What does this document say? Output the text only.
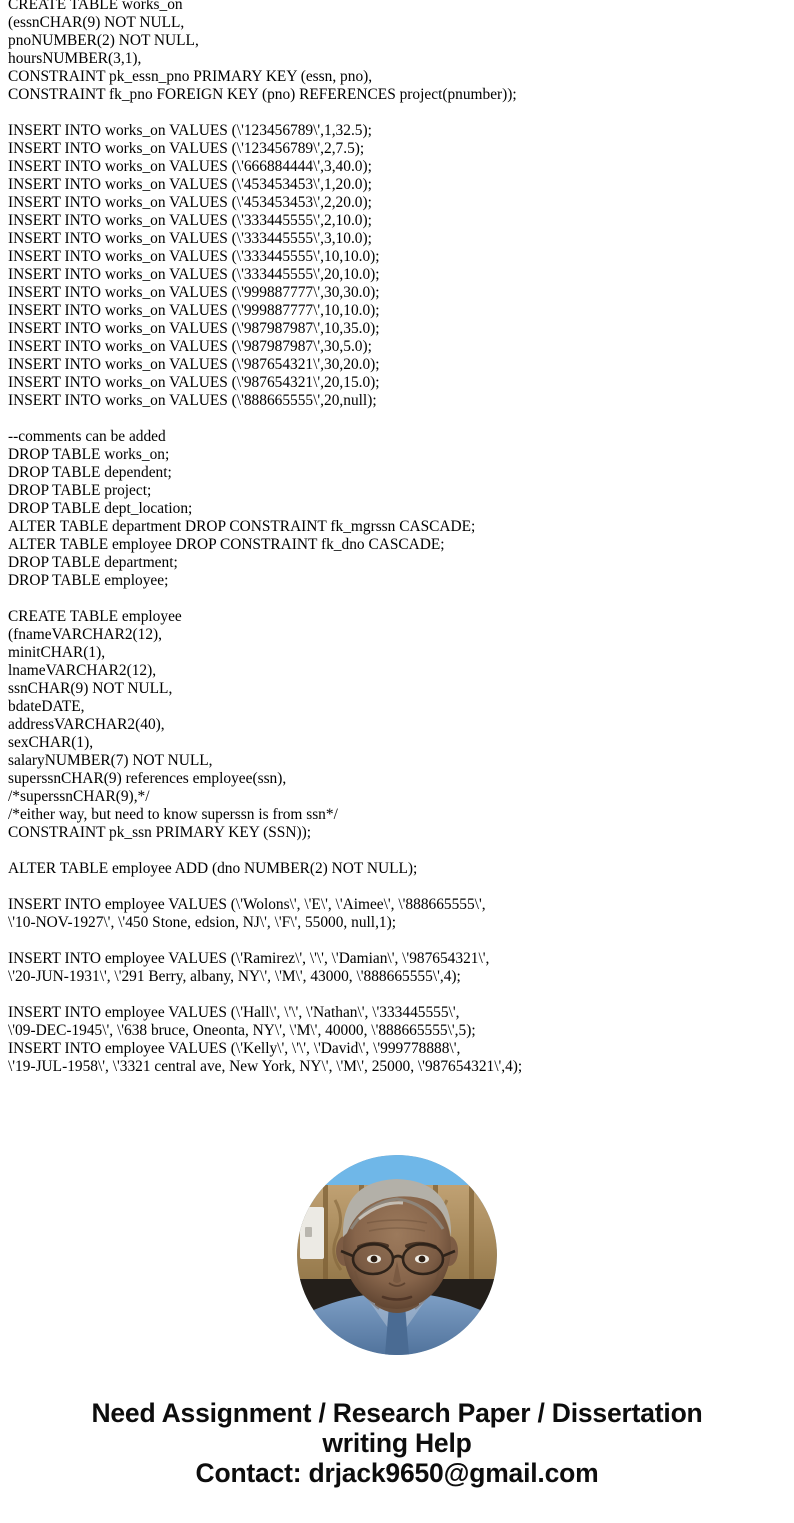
CREATE TABLE works_on
(essnCHAR(9) NOT NULL,
pnoNUMBER(2) NOT NULL,
hoursNUMBER(3,1),
CONSTRAINT pk_essn_pno PRIMARY KEY (essn, pno),
CONSTRAINT fk_pno FOREIGN KEY (pno) REFERENCES project(pnumber));
INSERT INTO works_on VALUES (\'123456789\',1,32.5);
INSERT INTO works_on VALUES (\'123456789\',2,7.5);
INSERT INTO works_on VALUES (\'666884444\',3,40.0);
INSERT INTO works_on VALUES (\'453453453\',1,20.0);
INSERT INTO works_on VALUES (\'453453453\',2,20.0);
INSERT INTO works_on VALUES (\'333445555\',2,10.0);
INSERT INTO works_on VALUES (\'333445555\',3,10.0);
INSERT INTO works_on VALUES (\'333445555\',10,10.0);
INSERT INTO works_on VALUES (\'333445555\',20,10.0);
INSERT INTO works_on VALUES (\'999887777\',30,30.0);
INSERT INTO works_on VALUES (\'999887777\',10,10.0);
INSERT INTO works_on VALUES (\'987987987\',10,35.0);
INSERT INTO works_on VALUES (\'987987987\',30,5.0);
INSERT INTO works_on VALUES (\'987654321\',30,20.0);
INSERT INTO works_on VALUES (\'987654321\',20,15.0);
INSERT INTO works_on VALUES (\'888665555\',20,null);
--comments can be added
DROP TABLE works_on;
DROP TABLE dependent;
DROP TABLE project;
DROP TABLE dept_location;
ALTER TABLE department DROP CONSTRAINT fk_mgrssn CASCADE;
ALTER TABLE employee DROP CONSTRAINT fk_dno CASCADE;
DROP TABLE department;
DROP TABLE employee;
CREATE TABLE employee
(fnameVARCHAR2(12),
minitCHAR(1),
lnameVARCHAR2(12),
ssnCHAR(9) NOT NULL,
bdateDATE,
addressVARCHAR2(40),
sexCHAR(1),
salaryNUMBER(7) NOT NULL,
superssnCHAR(9) references employee(ssn),
/*superssnCHAR(9),*/
/*either way, but need to know superssn is from ssn*/
CONSTRAINT pk_ssn PRIMARY KEY (SSN));
ALTER TABLE employee ADD (dno NUMBER(2) NOT NULL);
INSERT INTO employee VALUES (\'Wolons\', \'E\', \'Aimee\', \'888665555\',
\'10-NOV-1927\', \'450 Stone, edsion, NJ\', \'F\', 55000, null,1);
INSERT INTO employee VALUES (\'Ramirez\', \'\', \'Damian\', \'987654321\',
\'20-JUN-1931\', \'291 Berry, albany, NY\', \'M\', 43000, \'888665555\',4);
INSERT INTO employee VALUES (\'Hall\', \'\', \'Nathan\', \'333445555\',
\'09-DEC-1945\', \'638 bruce, Oneonta, NY\', \'M\', 40000, \'888665555\',5);
INSERT INTO employee VALUES (\'Kelly\', \'\', \'David\', \'999778888\',
\'19-JUL-1958\', \'3321 central ave, New York, NY\', \'M\', 25000, \'987654321\',4);
Need Assignment / Research Paper / Dissertation
writing Help
Contact: drjack9650@gmail.com
